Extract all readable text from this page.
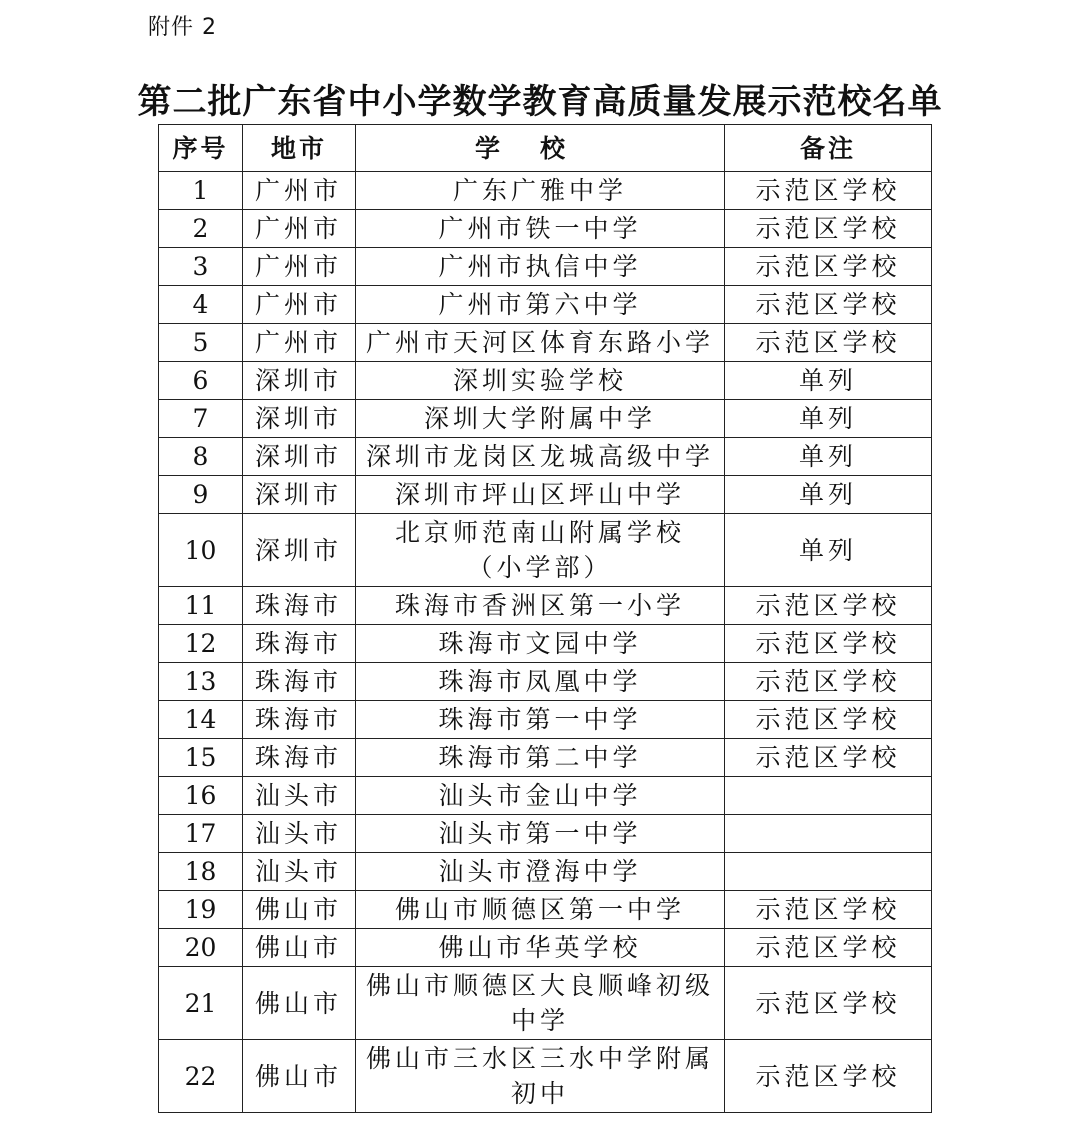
附件 2
第二批广东省中小学数学教育高质量发展示范校名单
序号	地市	学校	备注
1	广州市	广东广雅中学	示范区学校
2	广州市	广州市铁一中学	示范区学校
3	广州市	广州市执信中学	示范区学校
4	广州市	广州市第六中学	示范区学校
5	广州市	广州市天河区体育东路小学	示范区学校
6	深圳市	深圳实验学校	单列
7	深圳市	深圳大学附属中学	单列
8	深圳市	深圳市龙岗区龙城高级中学	单列
9	深圳市	深圳市坪山区坪山中学	单列
10	深圳市	北京师范南山附属学校
（小学部）	单列
11	珠海市	珠海市香洲区第一小学	示范区学校
12	珠海市	珠海市文园中学	示范区学校
13	珠海市	珠海市凤凰中学	示范区学校
14	珠海市	珠海市第一中学	示范区学校
15	珠海市	珠海市第二中学	示范区学校
16	汕头市	汕头市金山中学	

17	汕头市	汕头市第一中学	

18	汕头市	汕头市澄海中学	

19	佛山市	佛山市顺德区第一中学	示范区学校
20	佛山市	佛山市华英学校	示范区学校
21	佛山市	佛山市顺德区大良顺峰初级
中学	示范区学校
22	佛山市	佛山市三水区三水中学附属
初中	示范区学校
